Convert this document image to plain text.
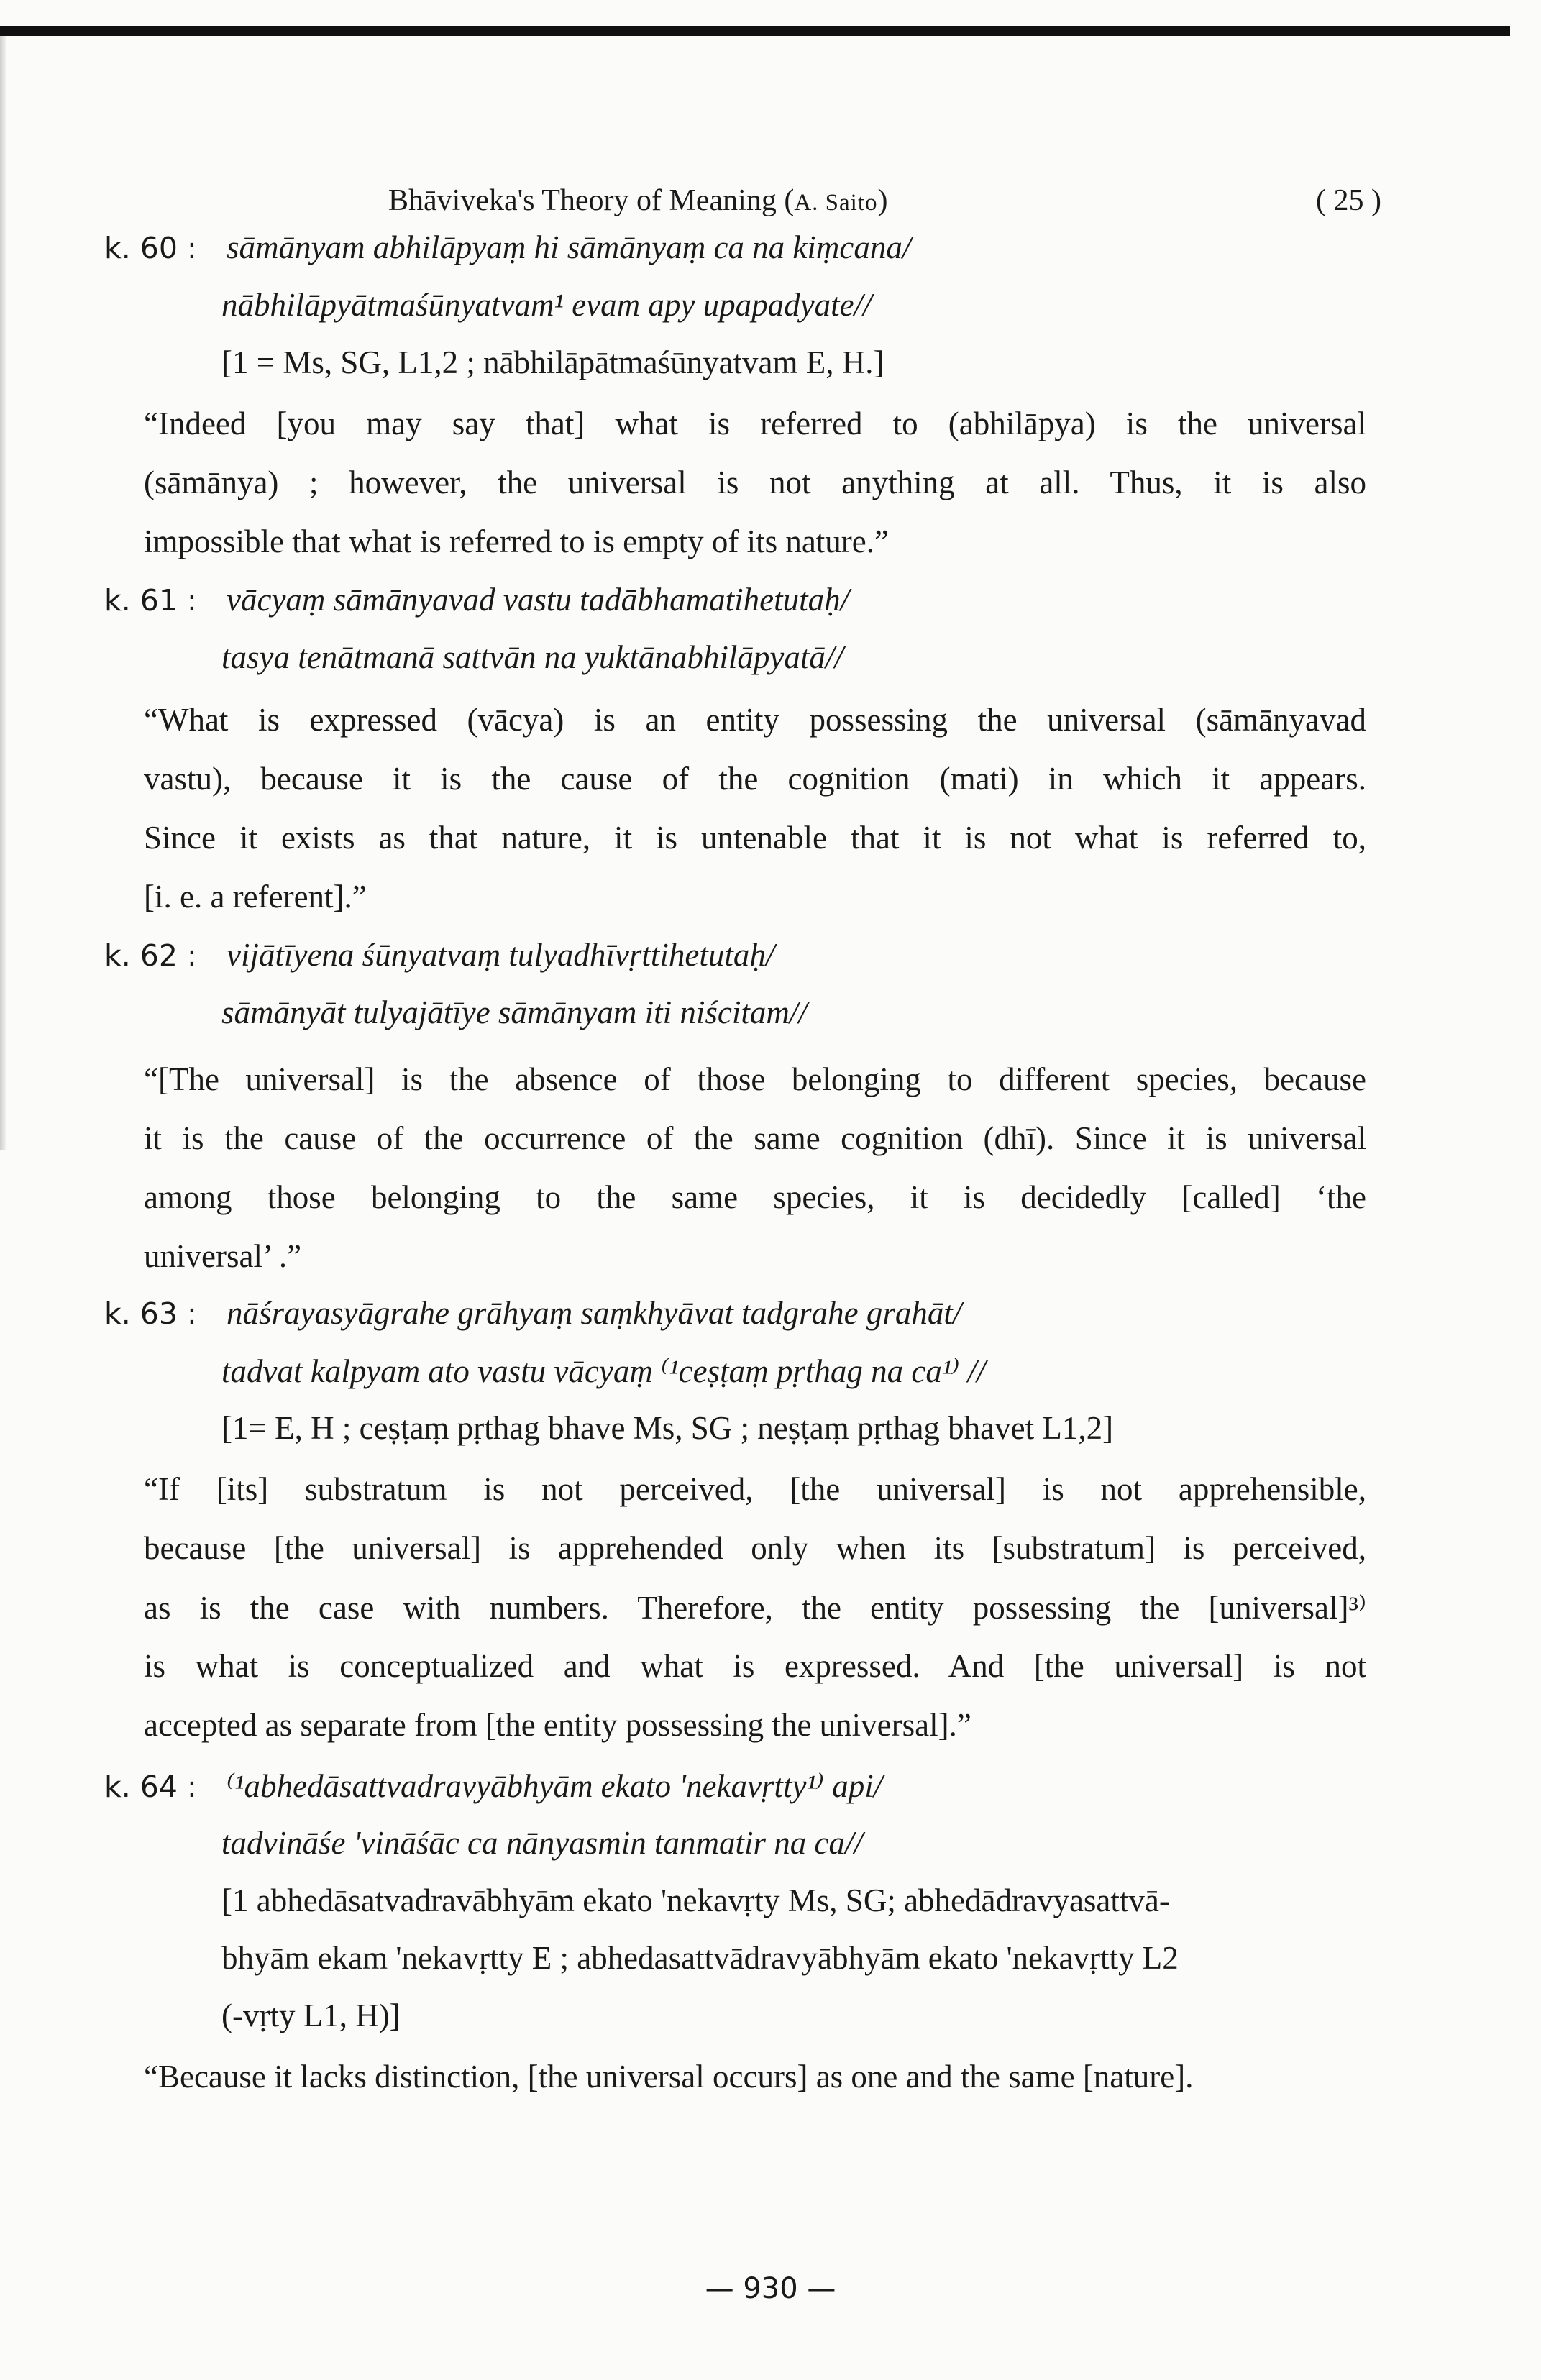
Bhāviveka's Theory of Meaning (A. Saito)	( 25 )
k. 60 : sāmānyam abhilāpyaṃ hi sāmānyaṃ ca na kiṃcana/
nābhilāpyātmaśūnyatvam¹ evam apy upapadyate//
[1 = Ms, SG, L1,2 ; nābhilāpātmaśūnyatvam E, H.]
“Indeed [you may say that] what is referred to (abhilāpya) is the universal
(sāmānya) ; however, the universal is not anything at all. Thus, it is also
impossible that what is referred to is empty of its nature.”
k. 61 : vācyaṃ sāmānyavad vastu tadābhamatihetutaḥ/
tasya tenātmanā sattvān na yuktānabhilāpyatā//
“What is expressed (vācya) is an entity possessing the universal (sāmānyavad
vastu), because it is the cause of the cognition (mati) in which it appears.
Since it exists as that nature, it is untenable that it is not what is referred to,
[i. e. a referent].”
k. 62 : vijātīyena śūnyatvaṃ tulyadhīvṛttihetutaḥ/
sāmānyāt tulyajātīye sāmānyam iti niścitam//
“[The universal] is the absence of those belonging to different species, because
it is the cause of the occurrence of the same cognition (dhī). Since it is universal
among those belonging to the same species, it is decidedly [called] ‘the
universal’ .”
k. 63 : nāśrayasyāgrahe grāhyaṃ saṃkhyāvat tadgrahe grahāt/
tadvat kalpyam ato vastu vācyaṃ ⁽¹ceṣṭaṃ pṛthag na ca¹⁾ //
[1= E, H ; ceṣṭaṃ pṛthag bhave Ms, SG ; neṣṭaṃ pṛthag bhavet L1,2]
“If [its] substratum is not perceived, [the universal] is not apprehensible,
because [the universal] is apprehended only when its [substratum] is perceived,
as is the case with numbers. Therefore, the entity possessing the [universal]³⁾
is what is conceptualized and what is expressed. And [the universal] is not
accepted as separate from [the entity possessing the universal].”
k. 64 : ⁽¹abhedāsattvadravyābhyām ekato 'nekavṛtty¹⁾ api/
tadvināśe 'vināśāc ca nānyasmin tanmatir na ca//
[1 abhedāsatvadravābhyām ekato 'nekavṛty Ms, SG; abhedādravyasattvā-
bhyām ekam 'nekavṛtty E ; abhedasattvādravyābhyām ekato 'nekavṛtty L2
(-vṛty L1, H)]
“Because it lacks distinction, [the universal occurs] as one and the same [nature].
— 930 —
